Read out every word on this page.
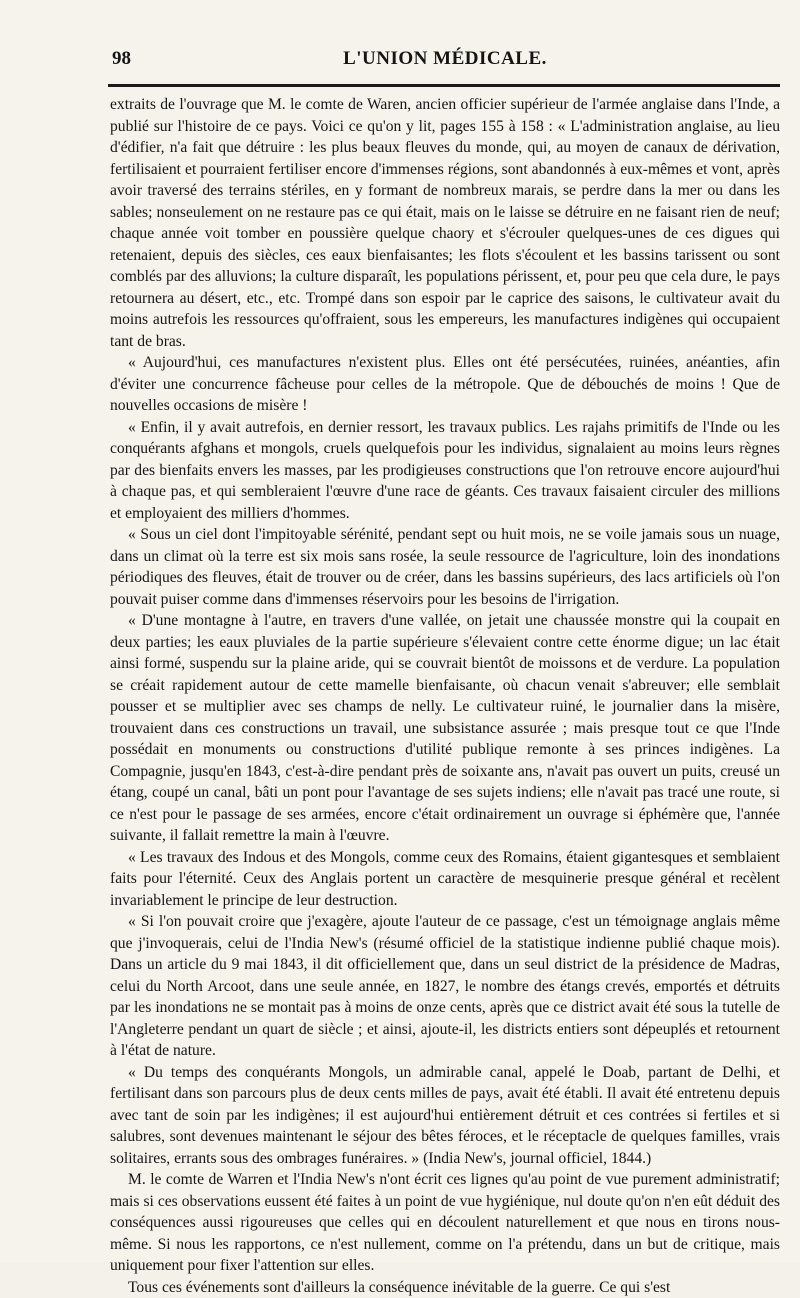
98	L'UNION MÉDICALE.

extraits de l'ouvrage que M. le comte de Waren, ancien officier supérieur de l'armée anglaise dans l'Inde, a publié sur l'histoire de ce pays. Voici ce qu'on y lit, pages 155 à 158 : « L'administration anglaise, au lieu d'édifier, n'a fait que détruire : les plus beaux fleuves du monde, qui, au moyen de canaux de dérivation, fertilisaient et pourraient fertiliser encore d'immenses régions, sont abandonnés à eux-mêmes et vont, après avoir traversé des terrains stériles, en y formant de nombreux marais, se perdre dans la mer ou dans les sables; nonseulement on ne restaure pas ce qui était, mais on le laisse se détruire en ne faisant rien de neuf; chaque année voit tomber en poussière quelque chaory et s'écrouler quelques-unes de ces digues qui retenaient, depuis des siècles, ces eaux bienfaisantes; les flots s'écoulent et les bassins tarissent ou sont comblés par des alluvions; la culture disparaît, les populations périssent, et, pour peu que cela dure, le pays retournera au désert, etc., etc. Trompé dans son espoir par le caprice des saisons, le cultivateur avait du moins autrefois les ressources qu'offraient, sous les empereurs, les manufactures indigènes qui occupaient tant de bras.

« Aujourd'hui, ces manufactures n'existent plus. Elles ont été persécutées, ruinées, anéanties, afin d'éviter une concurrence fâcheuse pour celles de la métropole. Que de débouchés de moins ! Que de nouvelles occasions de misère !

« Enfin, il y avait autrefois, en dernier ressort, les travaux publics. Les rajahs primitifs de l'Inde ou les conquérants afghans et mongols, cruels quelquefois pour les individus, signalaient au moins leurs règnes par des bienfaits envers les masses, par les prodigieuses constructions que l'on retrouve encore aujourd'hui à chaque pas, et qui sembleraient l'œuvre d'une race de géants. Ces travaux faisaient circuler des millions et employaient des milliers d'hommes.

« Sous un ciel dont l'impitoyable sérénité, pendant sept ou huit mois, ne se voile jamais sous un nuage, dans un climat où la terre est six mois sans rosée, la seule ressource de l'agriculture, loin des inondations périodiques des fleuves, était de trouver ou de créer, dans les bassins supérieurs, des lacs artificiels où l'on pouvait puiser comme dans d'immenses réservoirs pour les besoins de l'irrigation.

« D'une montagne à l'autre, en travers d'une vallée, on jetait une chaussée monstre qui la coupait en deux parties; les eaux pluviales de la partie supérieure s'élevaient contre cette énorme digue; un lac était ainsi formé, suspendu sur la plaine aride, qui se couvrait bientôt de moissons et de verdure. La population se créait rapidement autour de cette mamelle bienfaisante, où chacun venait s'abreuver; elle semblait pousser et se multiplier avec ses champs de nelly. Le cultivateur ruiné, le journalier dans la misère, trouvaient dans ces constructions un travail, une subsistance assurée ; mais presque tout ce que l'Inde possédait en monuments ou constructions d'utilité publique remonte à ses princes indigènes. La Compagnie, jusqu'en 1843, c'est-à-dire pendant près de soixante ans, n'avait pas ouvert un puits, creusé un étang, coupé un canal, bâti un pont pour l'avantage de ses sujets indiens; elle n'avait pas tracé une route, si ce n'est pour le passage de ses armées, encore c'était ordinairement un ouvrage si éphémère que, l'année suivante, il fallait remettre la main à l'œuvre.

« Les travaux des Indous et des Mongols, comme ceux des Romains, étaient gigantesques et semblaient faits pour l'éternité. Ceux des Anglais portent un caractère de mesquinerie presque général et recèlent invariablement le principe de leur destruction.

« Si l'on pouvait croire que j'exagère, ajoute l'auteur de ce passage, c'est un témoignage anglais même que j'invoquerais, celui de l'India New's (résumé officiel de la statistique indienne publié chaque mois). Dans un article du 9 mai 1843, il dit officiellement que, dans un seul district de la présidence de Madras, celui du North Arcoot, dans une seule année, en 1827, le nombre des étangs crevés, emportés et détruits par les inondations ne se montait pas à moins de onze cents, après que ce district avait été sous la tutelle de l'Angleterre pendant un quart de siècle ; et ainsi, ajoute-il, les districts entiers sont dépeuplés et retournent à l'état de nature.

« Du temps des conquérants Mongols, un admirable canal, appelé le Doab, partant de Delhi, et fertilisant dans son parcours plus de deux cents milles de pays, avait été établi. Il avait été entretenu depuis avec tant de soin par les indigènes; il est aujourd'hui entièrement détruit et ces contrées si fertiles et si salubres, sont devenues maintenant le séjour des bêtes féroces, et le réceptacle de quelques familles, vrais solitaires, errants sous des ombrages funéraires. » (India New's, journal officiel, 1844.)

M. le comte de Warren et l'India New's n'ont écrit ces lignes qu'au point de vue purement administratif; mais si ces observations eussent été faites à un point de vue hygiénique, nul doute qu'on n'en eût déduit des conséquences aussi rigoureuses que celles qui en découlent naturellement et que nous en tirons nous-même. Si nous les rapportons, ce n'est nullement, comme on l'a prétendu, dans un but de critique, mais uniquement pour fixer l'attention sur elles.

Tous ces événements sont d'ailleurs la conséquence inévitable de la guerre. Ce qui s'est
